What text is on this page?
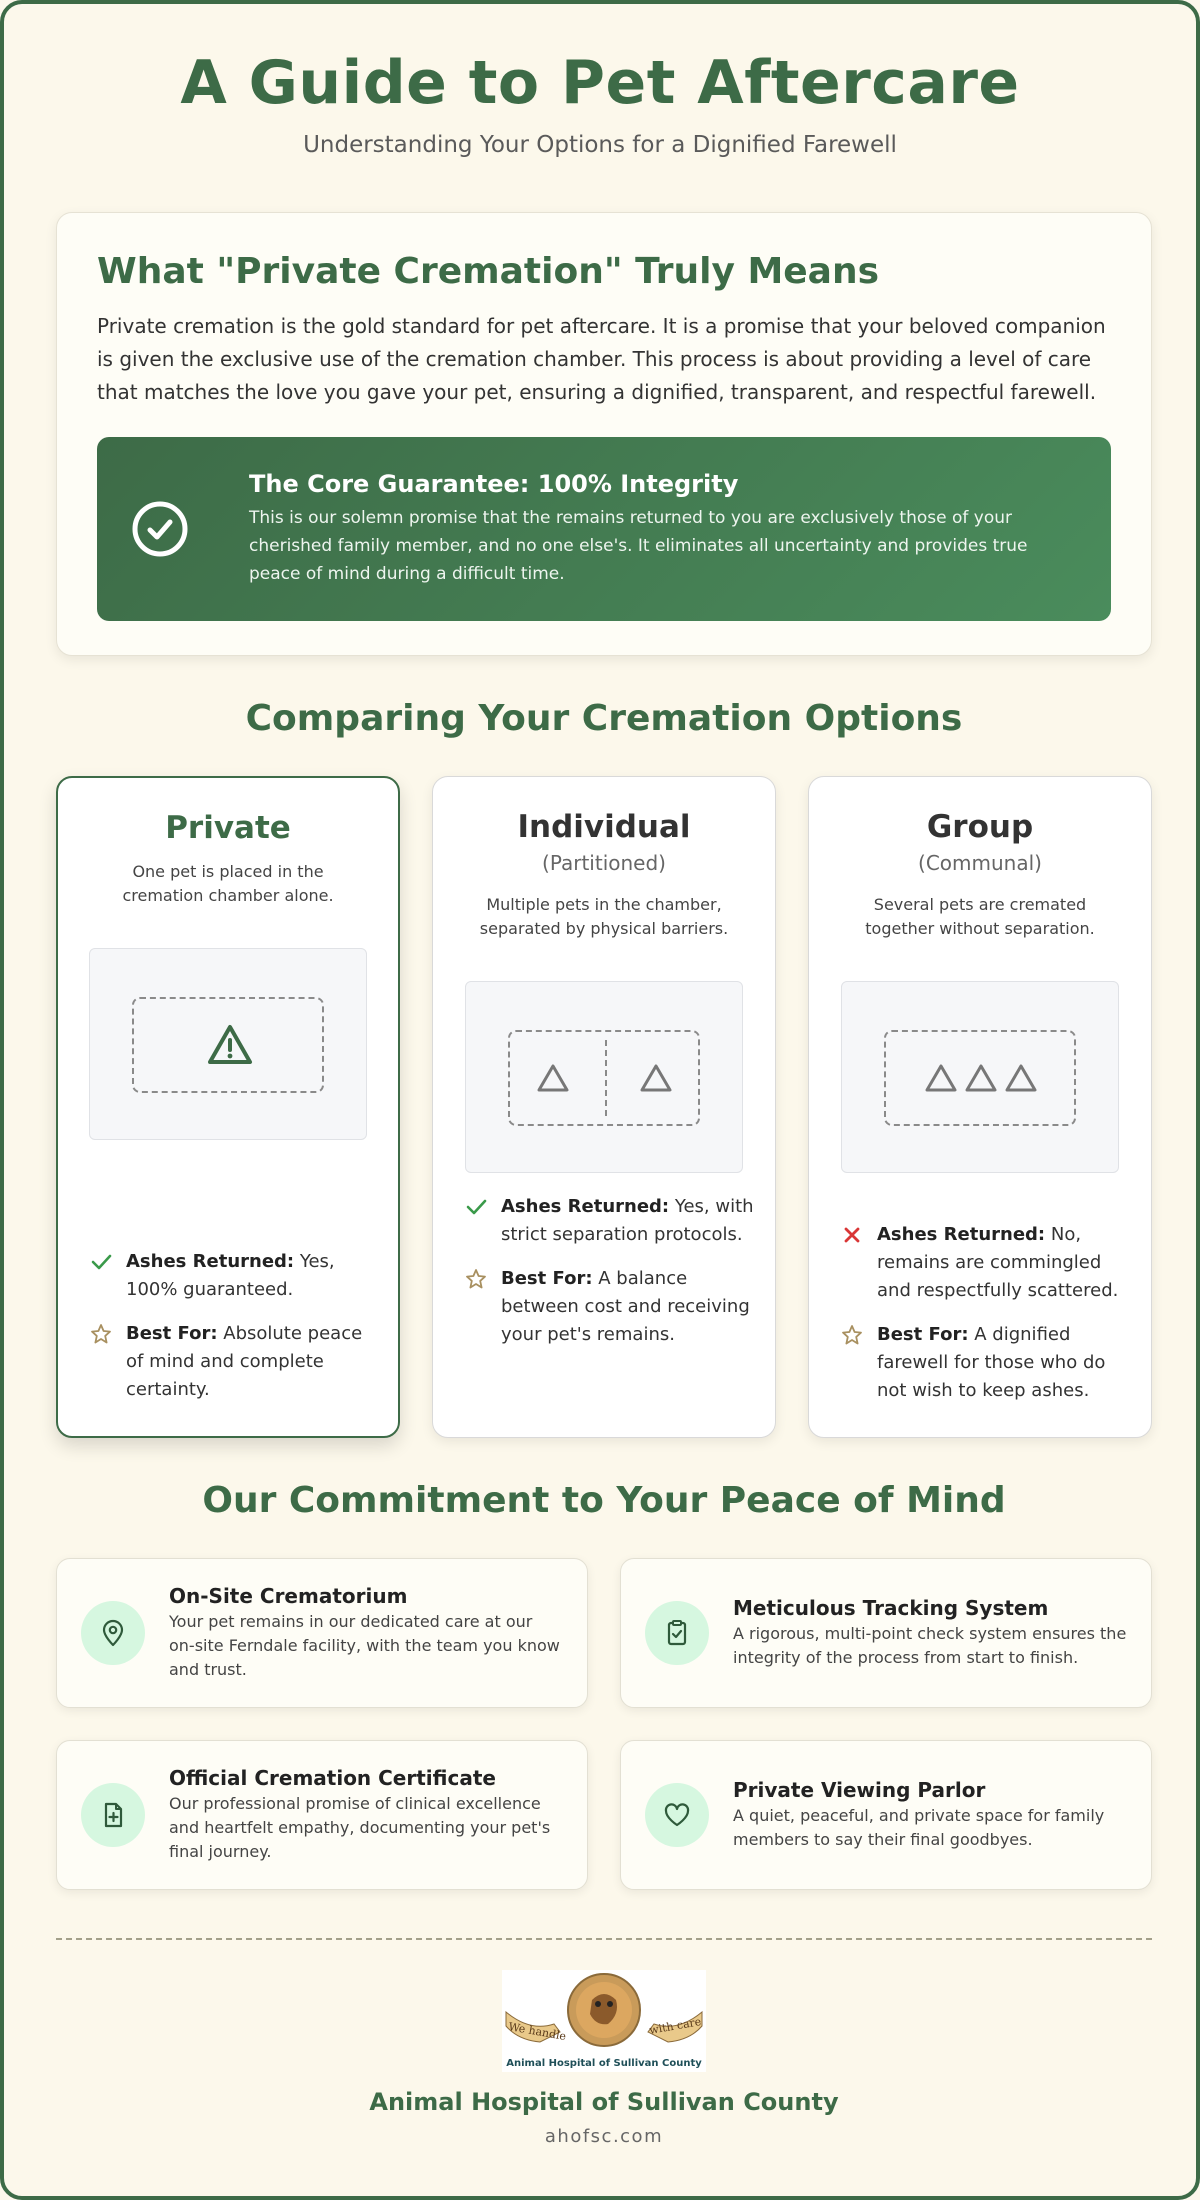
A Guide to Pet Aftercare
Understanding Your Options for a Dignified Farewell
What "Private Cremation" Truly Means

Private cremation is the gold standard for pet aftercare. It is a promise that your beloved companion is given the exclusive use of the cremation chamber. This process is about providing a level of care that matches the love you gave your pet, ensuring a dignified, transparent, and respectful farewell.

The Core Guarantee: 100% Integrity
This is our solemn promise that the remains returned to you are exclusively those of your cherished family member, and no one else's. It eliminates all uncertainty and provides true peace of mind during a difficult time.
Comparing Your Cremation Options
Private
One pet is placed in the cremation chamber alone.
Ashes Returned: Yes, 100% guaranteed.
Best For: Absolute peace of mind and complete certainty.
Individual
(Partitioned)
Multiple pets in the chamber, separated by physical barriers.
Ashes Returned: Yes, with strict separation protocols.
Best For: A balance between cost and receiving your pet's remains.
Group
(Communal)
Several pets are cremated together without separation.
Ashes Returned: No, remains are commingled and respectfully scattered.
Best For: A dignified farewell for those who do not wish to keep ashes.
Our Commitment to Your Peace of Mind
On-Site Crematorium
Your pet remains in our dedicated care at our on-site Ferndale facility, with the team you know and trust.
Meticulous Tracking System
A rigorous, multi-point check system ensures the integrity of the process from start to finish.
Official Cremation Certificate
Our professional promise of clinical excellence and heartfelt empathy, documenting your pet's final journey.
Private Viewing Parlor
A quiet, peaceful, and private space for family members to say their final goodbyes.
We handle	with care
Animal Hospital of Sullivan County
Animal Hospital of Sullivan County
ahofsc.com
